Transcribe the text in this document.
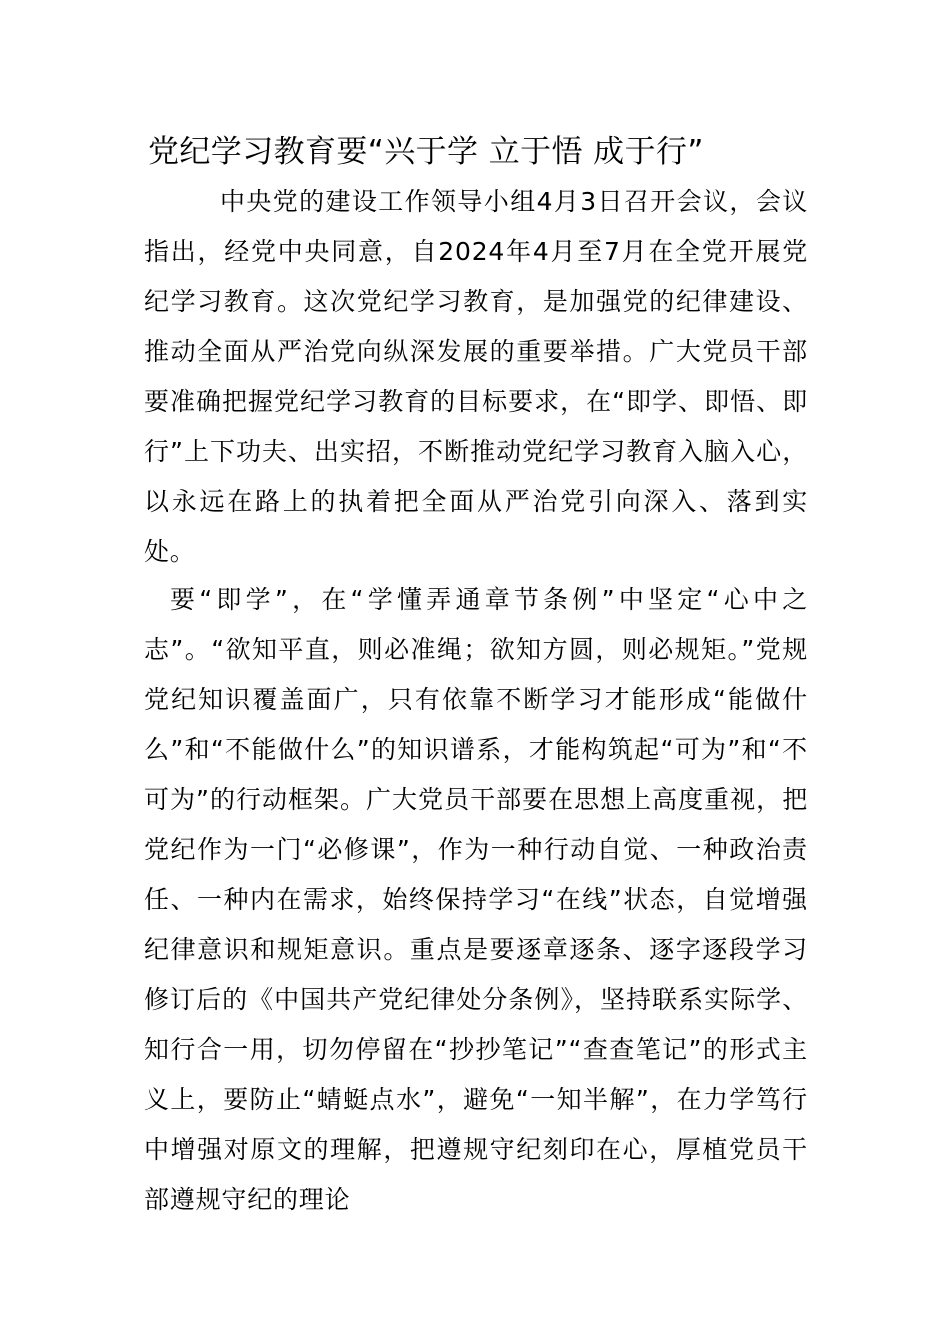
党纪学习教育要“兴于学 立于悟 成于行”

中央党的建设工作领导小组4月3日召开会议，会议指出，经党中央同意，自2024年4月至7月在全党开展党纪学习教育。这次党纪学习教育，是加强党的纪律建设、推动全面从严治党向纵深发展的重要举措。广大党员干部要准确把握党纪学习教育的目标要求，在“即学、即悟、即行”上下功夫、出实招，不断推动党纪学习教育入脑入心，以永远在路上的执着把全面从严治党引向深入、落到实处。

要“即学”，在“学懂弄通章节条例”中坚定“心中之志”。“欲知平直，则必准绳；欲知方圆，则必规矩。”党规党纪知识覆盖面广，只有依靠不断学习才能形成“能做什么”和“不能做什么”的知识谱系，才能构筑起“可为”和“不可为”的行动框架。广大党员干部要在思想上高度重视，把党纪作为一门“必修课”，作为一种行动自觉、一种政治责任、一种内在需求，始终保持学习“在线”状态，自觉增强纪律意识和规矩意识。重点是要逐章逐条、逐字逐段学习修订后的《中国共产党纪律处分条例》，坚持联系实际学、知行合一用，切勿停留在“抄抄笔记”“查查笔记”的形式主义上，要防止“蜻蜓点水”，避免“一知半解”，在力学笃行中增强对原文的理解，把遵规守纪刻印在心，厚植党员干部遵规守纪的理论
